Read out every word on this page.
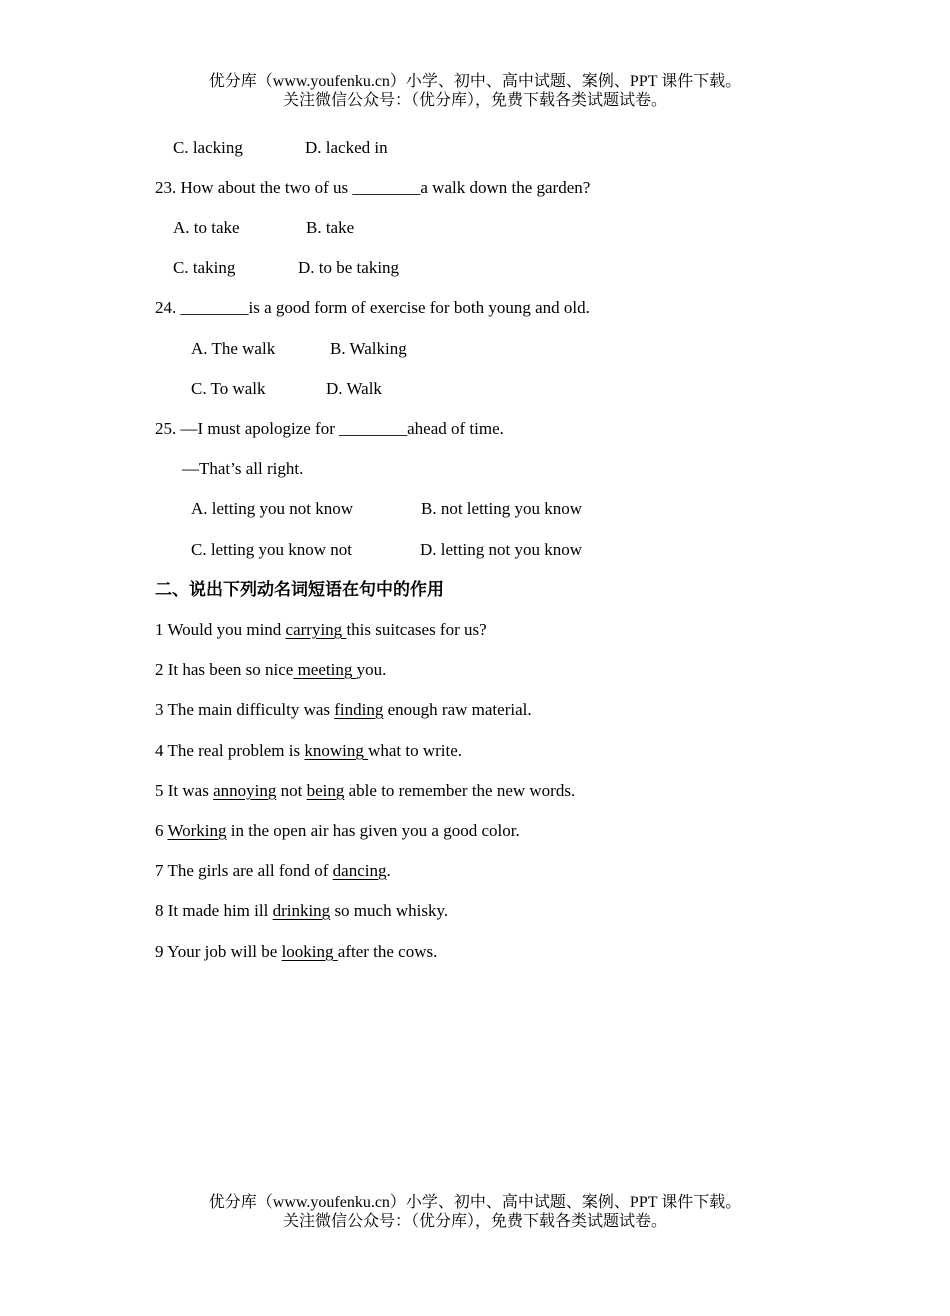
优分库（www.youfenku.cn）小学、初中、高中试题、案例、PPT 课件下载。
关注微信公众号：（优分库），免费下载各类试题试卷。
C. lacking	D. lacked in
23. How about the two of us ________a walk down the garden?
A. to take	B. take
C. taking	D. to be taking
24. ________is a good form of exercise for both young and old.
A. The walk	B. Walking
C. To walk	D. Walk
25. —I must apologize for ________ahead of time.
—That’s all right.
A. letting you not know	B. not letting you know
C. letting you know not	D. letting not you know
二、说出下列动名词短语在句中的作用
1 Would you mind carrying this suitcases for us?
2 It has been so nice meeting you.
3 The main difficulty was finding enough raw material.
4 The real problem is knowing what to write.
5 It was annoying not being able to remember the new words.
6 Working in the open air has given you a good color.
7 The girls are all fond of dancing.
8 It made him ill drinking so much whisky.
9 Your job will be looking after the cows.
优分库（www.youfenku.cn）小学、初中、高中试题、案例、PPT 课件下载。
关注微信公众号：（优分库），免费下载各类试题试卷。
